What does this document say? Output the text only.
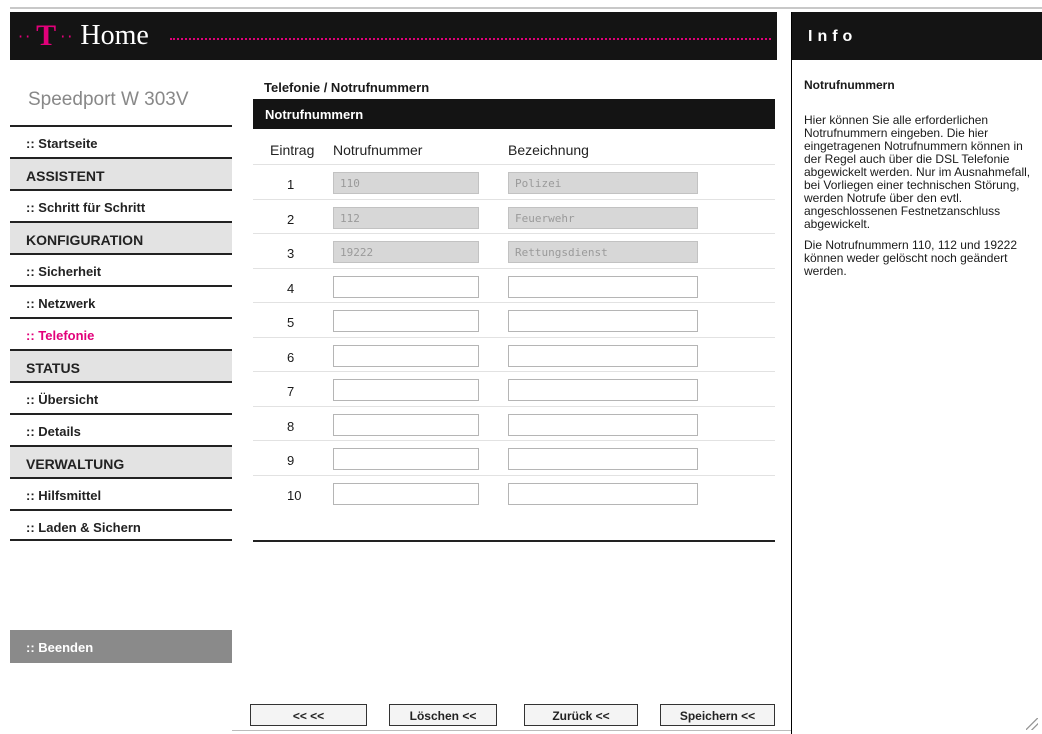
·· T ·· Home
Speedport W 303V
:: Startseite
ASSISTENT
:: Schritt für Schritt
KONFIGURATION
:: Sicherheit
:: Netzwerk
:: Telefonie
STATUS
:: Übersicht
:: Details
VERWALTUNG
:: Hilfsmittel
:: Laden & Sichern
:: Beenden
Telefonie / Notrufnummern
Notrufnummern
Eintrag Notrufnummer	Bezeichnung
1	110	Polizei
2	112	Feuerwehr
3	19222	Rettungsdienst
4
5
6
7
8
9
10
<< <<	Löschen <<	Zurück <<	Speichern <<
Info
Notrufnummern
Hier können Sie alle erforderlichen Notrufnummern eingeben. Die hier eingetragenen Notrufnummern können in der Regel auch über die DSL Telefonie abgewickelt werden. Nur im Ausnahmefall, bei Vorliegen einer technischen Störung, werden Notrufe über den evtl. angeschlossenen Festnetzanschluss abgewickelt.
Die Notrufnummern 110, 112 und 19222 können weder gelöscht noch geändert werden.
